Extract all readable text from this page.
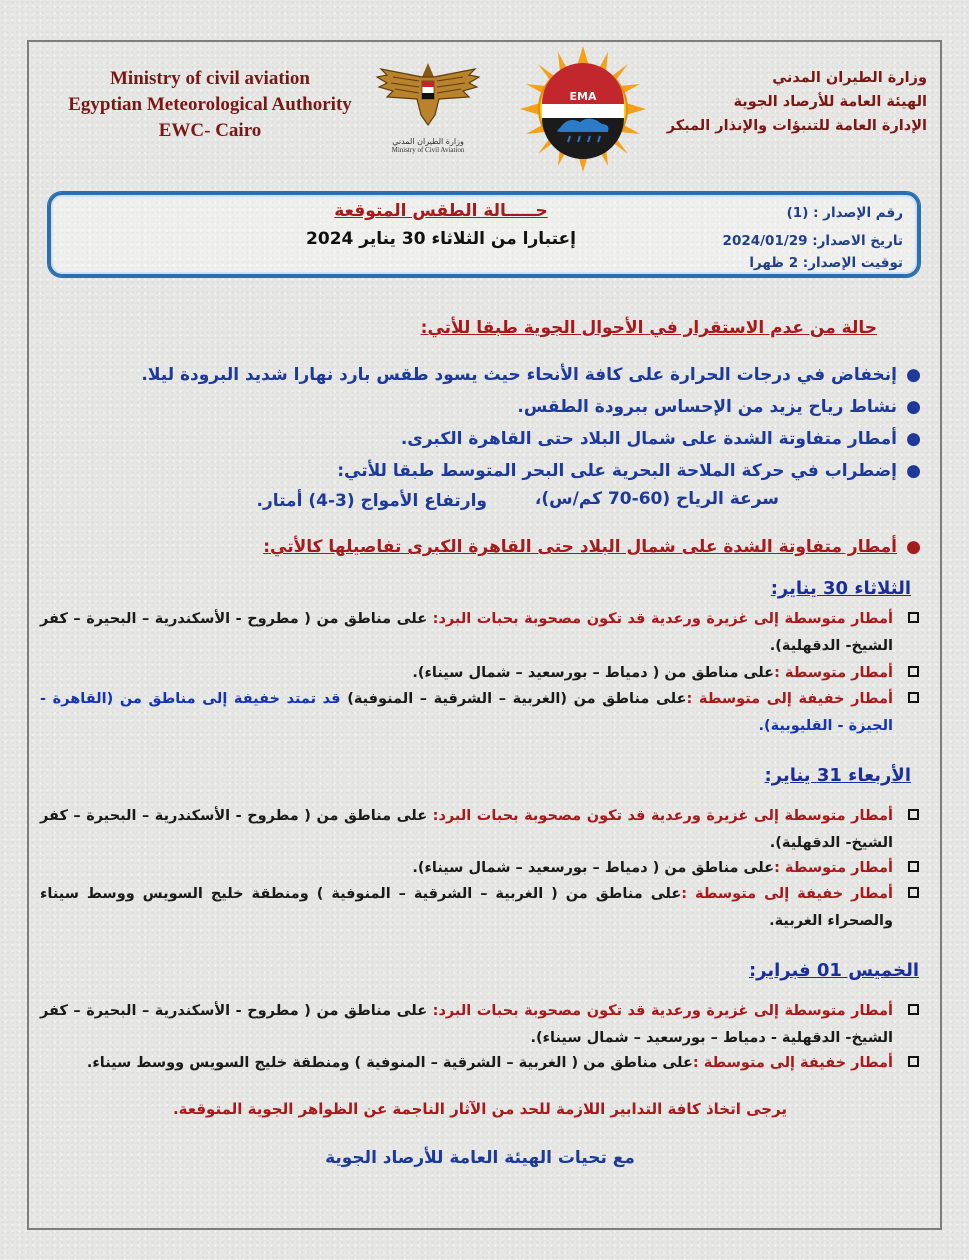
Ministry of civil aviation
Egyptian Meteorological Authority
EWC- Cairo
وزارة الطيران المدني
Ministry of Civil Aviation
EMA
وزارة الطيران المدني
الهيئة العامة للأرصاد الجوية
الإدارة العامة للتنبؤات والإنذار المبكر
رقم الإصدار : (1)
تاريخ الاصدار: 2024/01/29
توقيت الإصدار: 2 ظهرا
حـــــالة الطقس المتوقعة
إعتبارا من الثلاثاء 30 يناير 2024
حالة من عدم الاستقرار في الأحوال الجوية طبقا للأتي:
●
إنخفاض في درجات الحرارة على كافة الأنحاء حيث يسود طقس بارد نهارا شديد البرودة ليلا.
●
نشاط رياح يزيد من الإحساس ببرودة الطقس.
●
أمطار متفاوتة الشدة على شمال البلاد حتى القاهرة الكبرى.
●
إضطراب في حركة الملاحة البحرية على البحر المتوسط طبقا للأتي:
سرعة الرياح (60-70 كم/س)،
وارتفاع الأمواج (3-4) أمتار.
●
أمطار متفاوتة الشدة على شمال البلاد حتى القاهرة الكبرى تفاصيلها كالأتي:
الثلاثاء 30 يناير:
أمطار متوسطة إلى غزيرة ورعدية قد تكون مصحوبة بحبات البرد: على مناطق من ( مطروح - الأسكندرية – البحيرة – كفر الشيخ- الدقهلية).
أمطار متوسطة :على مناطق من ( دمياط – بورسعيد – شمال سيناء).
أمطار خفيفة إلى متوسطة :على مناطق من (الغربية – الشرقية – المنوفية) قد تمتد خفيفة إلى مناطق من (القاهرة - الجيزة - القليوبية).
الأربعاء 31 يناير:
أمطار متوسطة إلى غزيرة ورعدية قد تكون مصحوبة بحبات البرد: على مناطق من ( مطروح - الأسكندرية – البحيرة – كفر الشيخ- الدقهلية).
أمطار متوسطة :على مناطق من ( دمياط – بورسعيد – شمال سيناء).
أمطار خفيفة إلى متوسطة :على مناطق من ( الغربية – الشرقية – المنوفية ) ومنطقة خليج السويس ووسط سيناء والصحراء الغربية.
الخميس 01 فبراير:
أمطار متوسطة إلى غزيرة ورعدية قد تكون مصحوبة بحبات البرد: على مناطق من ( مطروح - الأسكندرية – البحيرة – كفر الشيخ- الدقهلية - دمياط – بورسعيد – شمال سيناء).
أمطار خفيفة إلى متوسطة :على مناطق من ( الغربية – الشرقية – المنوفية ) ومنطقة خليج السويس ووسط سيناء.
يرجى اتخاذ كافة التدابير اللازمة للحد من الآثار الناجمة عن الظواهر الجوية المتوقعة.
مع تحيات الهيئة العامة للأرصاد الجوية
